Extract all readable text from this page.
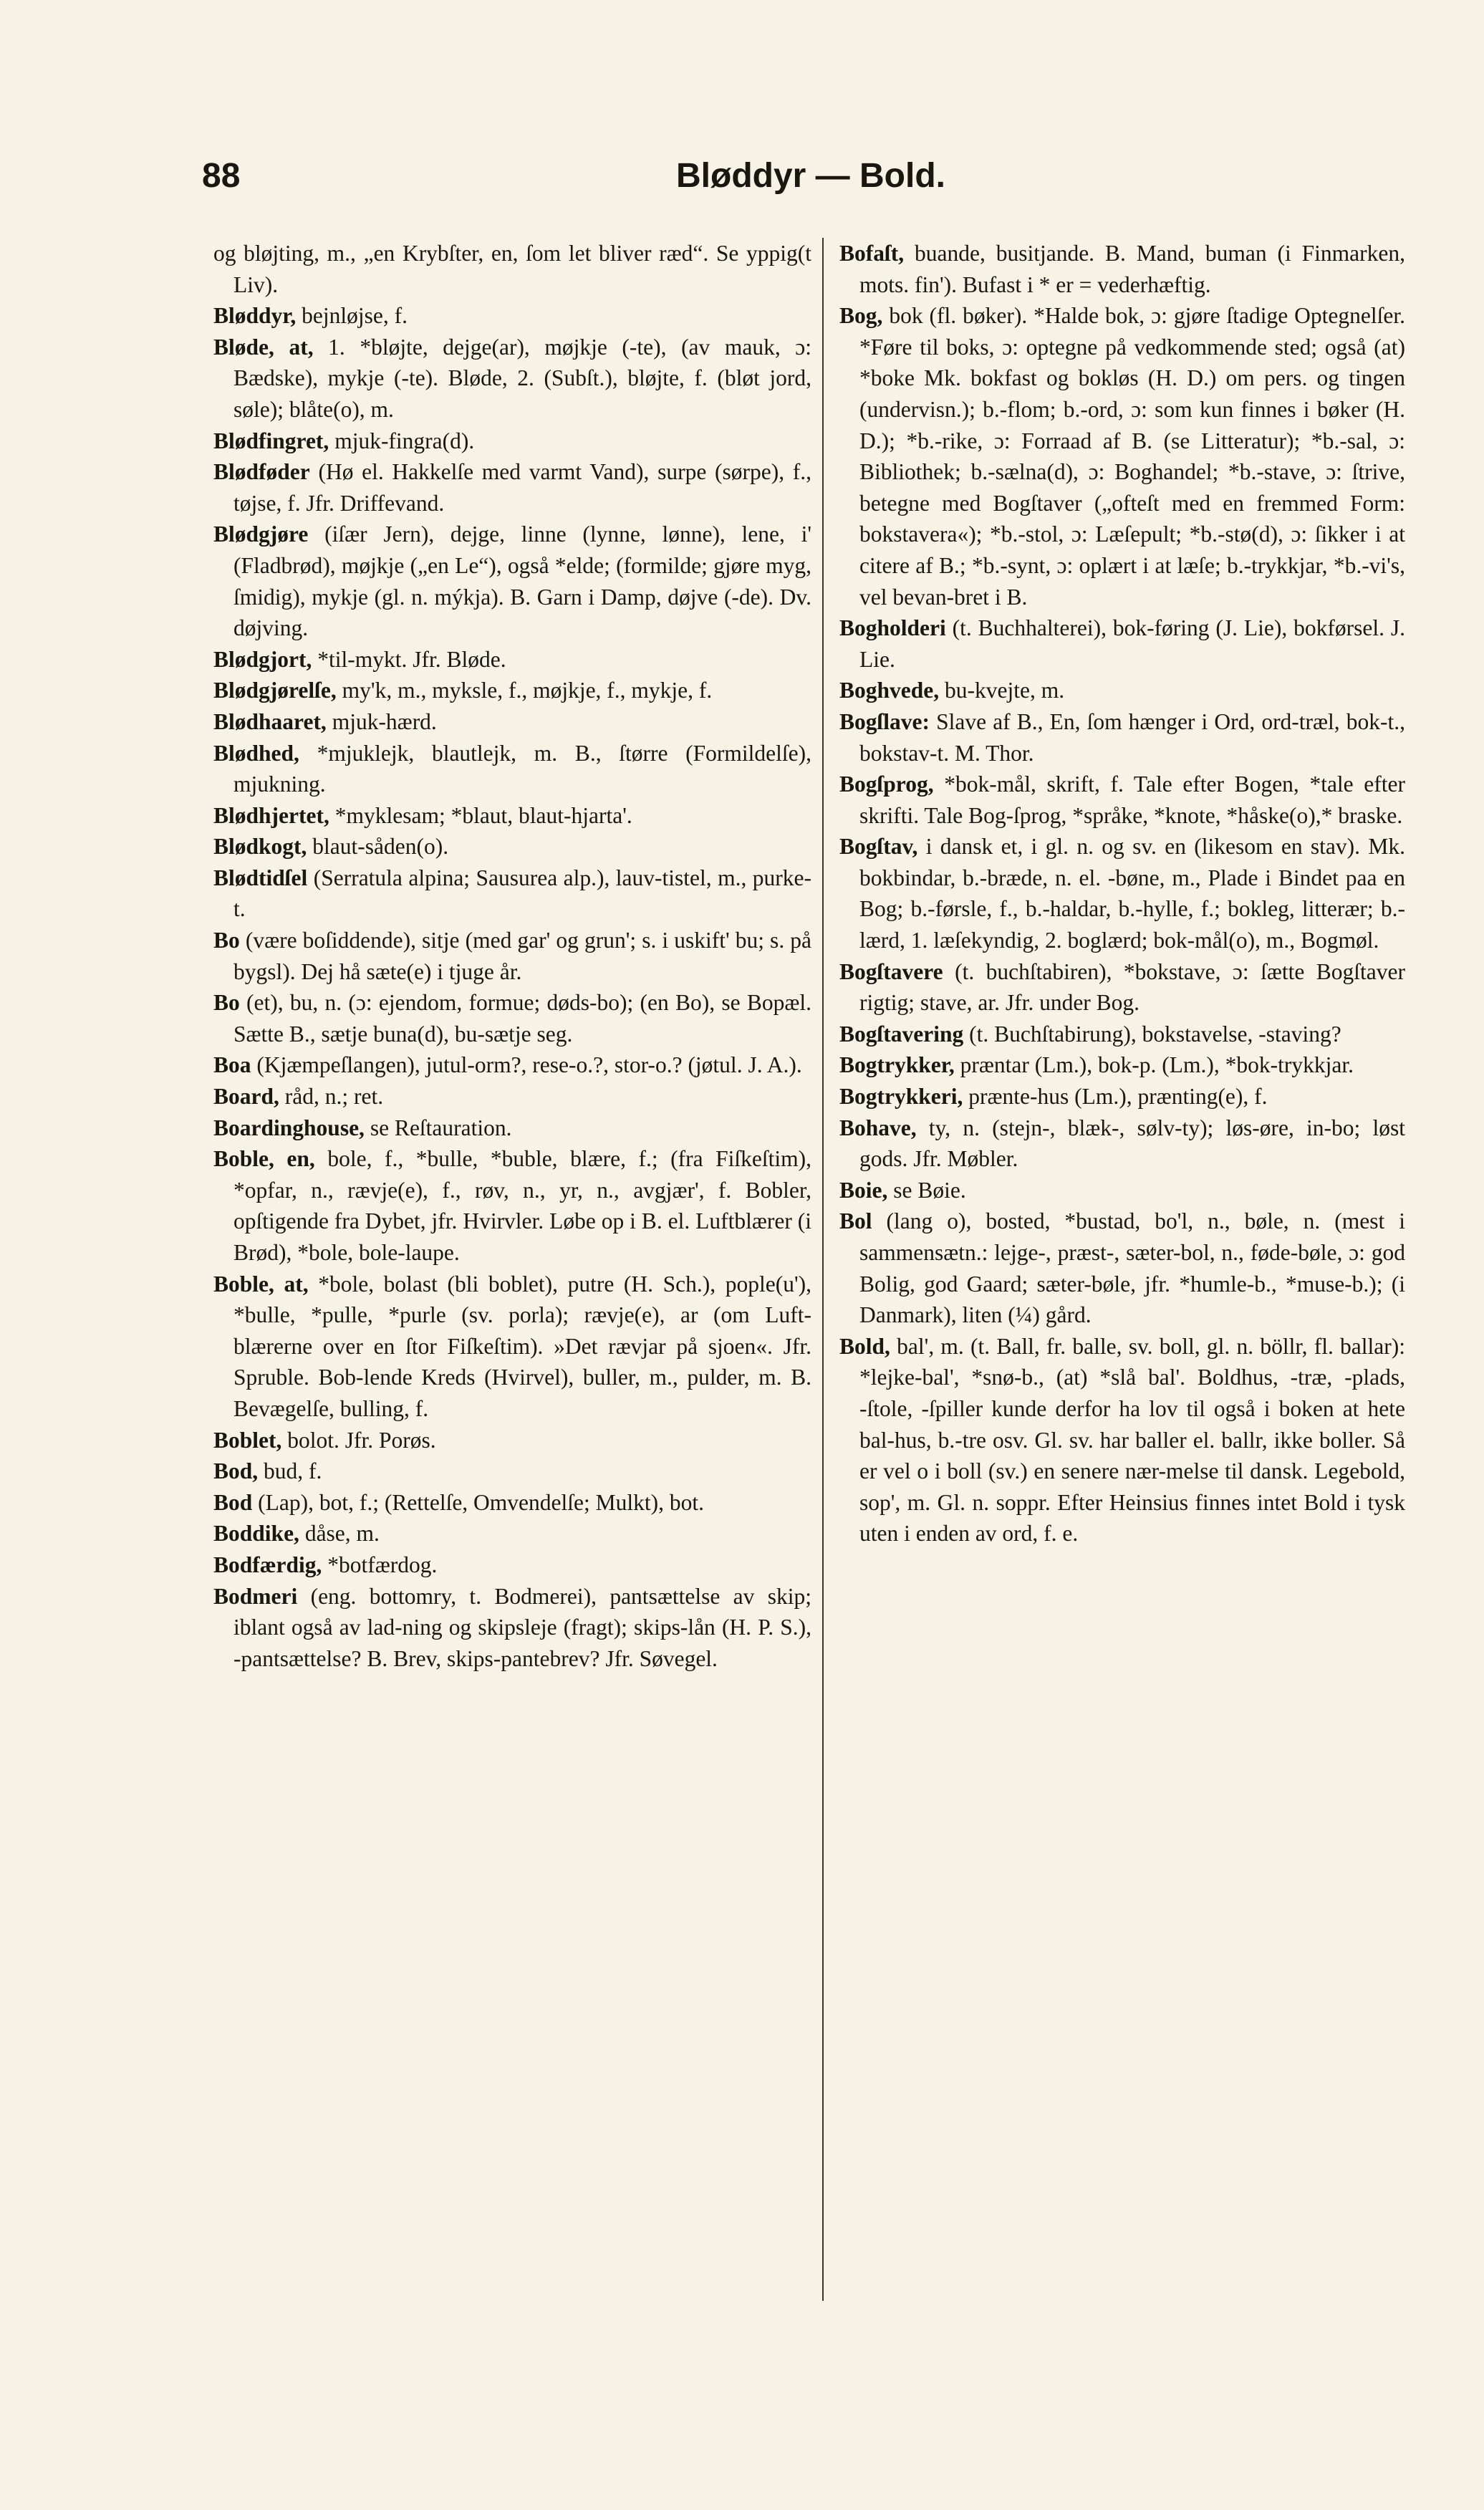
88	Bløddyr — Bold.
og bløjting, m., „en Krybſter, en, ſom let bliver ræd“. Se yppig(t Liv).
Bløddyr, bejnløjse, f.
Bløde, at, 1. *bløjte, dejge(ar), møjkje (-te), (av mauk, ɔ: Bædske), mykje (-te). Bløde, 2. (Subſt.), bløjte, f. (bløt jord, søle); blåte(o), m.
Blødfingret, mjuk-fingra(d).
Blødføder (Hø el. Hakkelſe med varmt Vand), surpe (sørpe), f., tøjse, f. Jfr. Driffevand.
Blødgjøre (iſær Jern), dejge, linne (lynne, lønne), lene, i' (Fladbrød), møjkje („en Le“), også *elde; (formilde; gjøre myg, ſmidig), mykje (gl. n. mýkja). B. Garn i Damp, døjve (-de). Dv. døjving.
Blødgjort, *til-mykt. Jfr. Bløde.
Blødgjørelſe, my'k, m., myksle, f., møjkje, f., mykje, f.
Blødhaaret, mjuk-hærd.
Blødhed, *mjuklejk, blautlejk, m. B., ſtørre (Formildelſe), mjukning.
Blødhjertet, *myklesam; *blaut, blaut-hjarta'.
Blødkogt, blaut-såden(o).
Blødtidſel (Serratula alpina; Sausurea alp.), lauv-tistel, m., purke-t.
Bo (være boſiddende), sitje (med gar' og grun'; s. i uskift' bu; s. på bygsl). Dej hå sæte(e) i tjuge år.
Bo (et), bu, n. (ɔ: ejendom, formue; døds-bo); (en Bo), se Bopæl. Sætte B., sætje buna(d), bu-sætje seg.
Boa (Kjæmpeſlangen), jutul-orm?, rese-o.?, stor-o.? (jøtul. J. A.).
Board, råd, n.; ret.
Boardinghouse, se Reſtauration.
Boble, en, bole, f., *bulle, *buble, blære, f.; (fra Fiſkeſtim), *opfar, n., rævje(e), f., røv, n., yr, n., avgjær', f. Bobler, opſtigende fra Dybet, jfr. Hvirvler. Løbe op i B. el. Luftblærer (i Brød), *bole, bole-laupe.
Boble, at, *bole, bolast (bli boblet), putre (H. Sch.), pople(u'), *bulle, *pulle, *purle (sv. porla); rævje(e), ar (om Luft-blærerne over en ſtor Fiſkeſtim). »Det rævjar på sjoen«. Jfr. Spruble. Bob-lende Kreds (Hvirvel), buller, m., pulder, m. B. Bevægelſe, bulling, f.
Boblet, bolot. Jfr. Porøs.
Bod, bud, f.
Bod (Lap), bot, f.; (Rettelſe, Omvendelſe; Mulkt), bot.
Boddike, dåse, m.
Bodfærdig, *botfærdog.
Bodmeri (eng. bottomry, t. Bodmerei), pantsættelse av skip; iblant også av lad-ning og skipsleje (fragt); skips-lån (H. P. S.), -pantsættelse? B. Brev, skips-pantebrev? Jfr. Søvegel.
Bofaſt, buande, busitjande. B. Mand, buman (i Finmarken, mots. fin'). Bufast i * er = vederhæftig.
Bog, bok (fl. bøker). *Halde bok, ɔ: gjøre ſtadige Optegnelſer. *Føre til boks, ɔ: optegne på vedkommende sted; også (at) *boke Mk. bokfast og bokløs (H. D.) om pers. og tingen (undervisn.); b.-flom; b.-ord, ɔ: som kun finnes i bøker (H. D.); *b.-rike, ɔ: Forraad af B. (se Litteratur); *b.-sal, ɔ: Bibliothek; b.-sælna(d), ɔ: Boghandel; *b.-stave, ɔ: ſtrive, betegne med Bogſtaver („ofteſt med en fremmed Form: bokstavera«); *b.-stol, ɔ: Læſepult; *b.-stø(d), ɔ: ſikker i at citere af B.; *b.-synt, ɔ: oplært i at læſe; b.-trykkjar, *b.-vi's, vel bevan-bret i B.
Bogholderi (t. Buchhalterei), bok-føring (J. Lie), bokførsel. J. Lie.
Boghvede, bu-kvejte, m.
Bogſlave: Slave af B., En, ſom hænger i Ord, ord-træl, bok-t., bokstav-t. M. Thor.
Bogſprog, *bok-mål, skrift, f. Tale efter Bogen, *tale efter skrifti. Tale Bog-ſprog, *språke, *knote, *håske(o),* braske.
Bogſtav, i dansk et, i gl. n. og sv. en (likesom en stav). Mk. bokbindar, b.-bræde, n. el. -bøne, m., Plade i Bindet paa en Bog; b.-førsle, f., b.-haldar, b.-hylle, f.; bokleg, litterær; b.-lærd, 1. læſekyndig, 2. boglærd; bok-mål(o), m., Bogmøl.
Bogſtavere (t. buchſtabiren), *bokstave, ɔ: ſætte Bogſtaver rigtig; stave, ar. Jfr. under Bog.
Bogſtavering (t. Buchſtabirung), bokstavelse, -staving?
Bogtrykker, præntar (Lm.), bok-p. (Lm.), *bok-trykkjar.
Bogtrykkeri, prænte-hus (Lm.), prænting(e), f.
Bohave, ty, n. (stejn-, blæk-, sølv-ty); løs-øre, in-bo; løst gods. Jfr. Møbler.
Boie, se Bøie.
Bol (lang o), bosted, *bustad, bo'l, n., bøle, n. (mest i sammensætn.: lejge-, præst-, sæter-bol, n., føde-bøle, ɔ: god Bolig, god Gaard; sæter-bøle, jfr. *humle-b., *muse-b.); (i Danmark), liten (¼) gård.
Bold, bal', m. (t. Ball, fr. balle, sv. boll, gl. n. böllr, fl. ballar): *lejke-bal', *snø-b., (at) *slå bal'. Boldhus, -træ, -plads, -ſtole, -ſpiller kunde derfor ha lov til også i boken at hete bal-hus, b.-tre osv. Gl. sv. har baller el. ballr, ikke boller. Så er vel o i boll (sv.) en senere nær-melse til dansk. Legebold, sop', m. Gl. n. soppr. Efter Heinsius finnes intet Bold i tysk uten i enden av ord, f. e.
